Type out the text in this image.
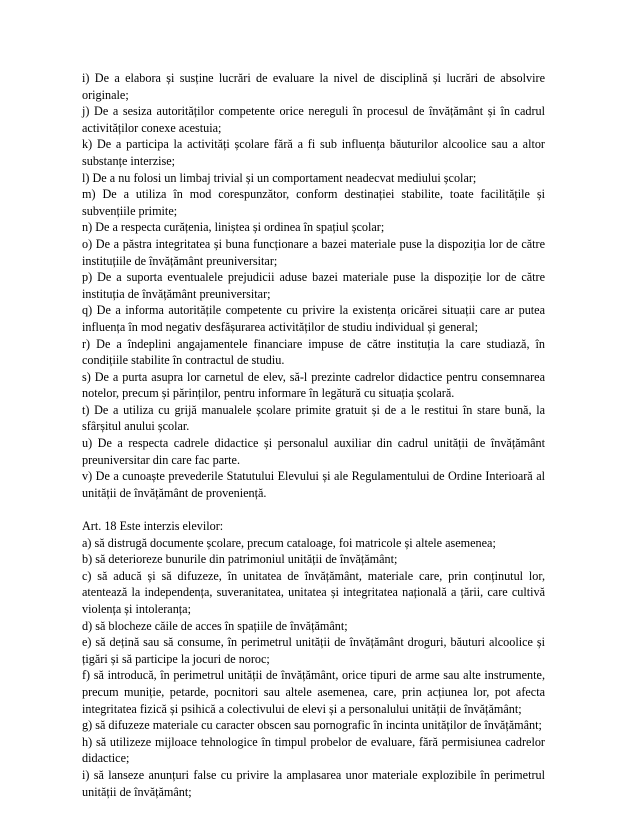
i) De a elabora și susține lucrări de evaluare la nivel de disciplină și lucrări de absolvire originale;

j) De a sesiza autorităților competente orice nereguli în procesul de învățământ și în cadrul activităților conexe acestuia;

k) De a participa la activități școlare fără a fi sub influența băuturilor alcoolice sau a altor substanțe interzise;

l) De a nu folosi un limbaj trivial și un comportament neadecvat mediului școlar;

m) De a utiliza în mod corespunzător, conform destinației stabilite, toate facilitățile și subvențiile primite;

n) De a respecta curățenia, liniștea și ordinea în spațiul școlar;

o) De a păstra integritatea și buna funcționare a bazei materiale puse la dispoziția lor de către instituțiile de învățământ preuniversitar;

p) De a suporta eventualele prejudicii aduse bazei materiale puse la dispoziție lor de către instituția de învățământ preuniversitar;

q) De a informa autoritățile competente cu privire la existența oricărei situații care ar putea influența în mod negativ desfășurarea activităților de studiu individual și general;

r) De a îndeplini angajamentele financiare impuse de către instituția la care studiază, în condițiile stabilite în contractul de studiu.

s) De a purta asupra lor carnetul de elev, să-l prezinte cadrelor didactice pentru consemnarea notelor, precum și părinților, pentru informare în legătură cu situația școlară.

t) De a utiliza cu grijă manualele școlare primite gratuit și de a le restitui în stare bună, la sfârșitul anului școlar.

u) De a respecta cadrele didactice și personalul auxiliar din cadrul unității de învățământ preuniversitar din care fac parte.

v) De a cunoaște prevederile Statutului Elevului și ale Regulamentului de Ordine Interioară al unității de învățământ de proveniență.

Art. 18 Este interzis elevilor:

a) să distrugă documente școlare, precum cataloage, foi matricole și altele asemenea;

b) să deterioreze bunurile din patrimoniul unității de învățământ;

c) să aducă și să difuzeze, în unitatea de învățământ, materiale care, prin conținutul lor, atentează la independența, suveranitatea, unitatea și integritatea națională a țării, care cultivă violența și intoleranța;

d) să blocheze căile de acces în spațiile de învățământ;

e) să dețină sau să consume, în perimetrul unității de învățământ droguri, băuturi alcoolice și țigări și să participe la jocuri de noroc;

f) să introducă, în perimetrul unității de învățământ, orice tipuri de arme sau alte instrumente, precum muniție, petarde, pocnitori sau altele asemenea, care, prin acțiunea lor, pot afecta integritatea fizică și psihică a colectivului de elevi și a personalului unității de învățământ;

g) să difuzeze materiale cu caracter obscen sau pornografic în incinta unităților de învățământ;

h) să utilizeze mijloace tehnologice în timpul probelor de evaluare, fără permisiunea cadrelor didactice;

i) să lanseze anunțuri false cu privire la amplasarea unor materiale explozibile în perimetrul unității de învățământ;
